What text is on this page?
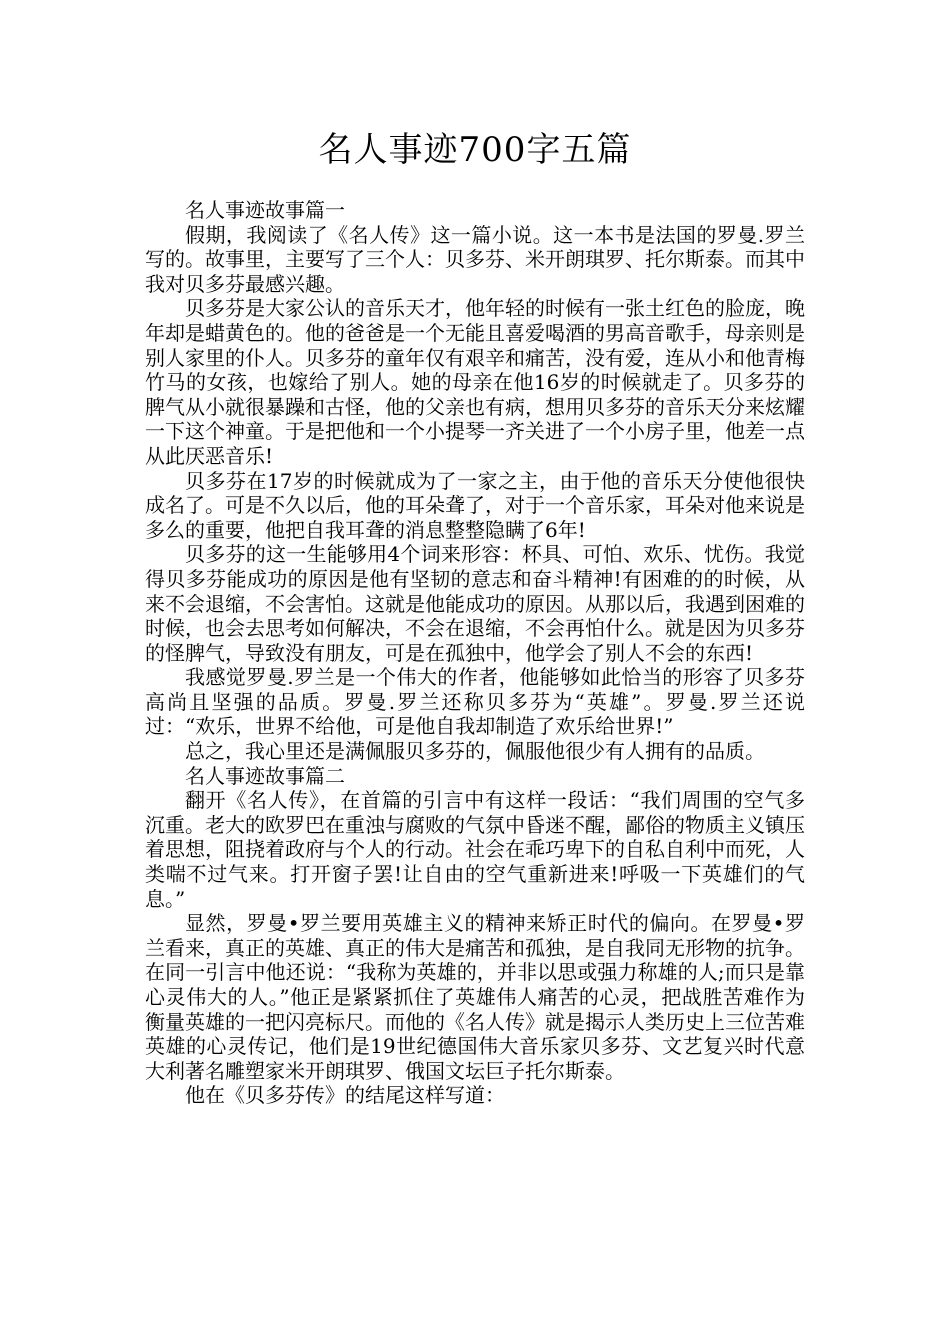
名人事迹700字五篇

名人事迹故事篇一

假期，我阅读了《名人传》这一篇小说。这一本书是法国的罗曼.罗兰写的。故事里，主要写了三个人：贝多芬、米开朗琪罗、托尔斯泰。而其中我对贝多芬最感兴趣。

贝多芬是大家公认的音乐天才，他年轻的时候有一张土红色的脸庞，晚年却是蜡黄色的。他的爸爸是一个无能且喜爱喝酒的男高音歌手，母亲则是别人家里的仆人。贝多芬的童年仅有艰辛和痛苦，没有爱，连从小和他青梅竹马的女孩，也嫁给了别人。她的母亲在他16岁的时候就走了。贝多芬的脾气从小就很暴躁和古怪，他的父亲也有病，想用贝多芬的音乐天分来炫耀一下这个神童。于是把他和一个小提琴一齐关进了一个小房子里，他差一点从此厌恶音乐!

贝多芬在17岁的时候就成为了一家之主，由于他的音乐天分使他很快成名了。可是不久以后，他的耳朵聋了，对于一个音乐家，耳朵对他来说是多么的重要，他把自我耳聋的消息整整隐瞒了6年!

贝多芬的这一生能够用4个词来形容：杯具、可怕、欢乐、忧伤。我觉得贝多芬能成功的原因是他有坚韧的意志和奋斗精神!有困难的的时候，从来不会退缩，不会害怕。这就是他能成功的原因。从那以后，我遇到困难的时候，也会去思考如何解决，不会在退缩，不会再怕什么。就是因为贝多芬的怪脾气，导致没有朋友，可是在孤独中，他学会了别人不会的东西!

我感觉罗曼.罗兰是一个伟大的作者，他能够如此恰当的形容了贝多芬高尚且坚强的品质。罗曼.罗兰还称贝多芬为“英雄”。罗曼.罗兰还说过：“欢乐，世界不给他，可是他自我却制造了欢乐给世界!”

总之，我心里还是满佩服贝多芬的，佩服他很少有人拥有的品质。

名人事迹故事篇二

翻开《名人传》，在首篇的引言中有这样一段话：“我们周围的空气多沉重。老大的欧罗巴在重浊与腐败的气氛中昏迷不醒，鄙俗的物质主义镇压着思想，阻挠着政府与个人的行动。社会在乖巧卑下的自私自利中而死，人类喘不过气来。打开窗子罢!让自由的空气重新进来!呼吸一下英雄们的气息。”

显然，罗曼•罗兰要用英雄主义的精神来矫正时代的偏向。在罗曼•罗兰看来，真正的英雄、真正的伟大是痛苦和孤独，是自我同无形物的抗争。在同一引言中他还说：“我称为英雄的，并非以思或强力称雄的人;而只是靠心灵伟大的人。”他正是紧紧抓住了英雄伟人痛苦的心灵，把战胜苦难作为衡量英雄的一把闪亮标尺。而他的《名人传》就是揭示人类历史上三位苦难英雄的心灵传记，他们是19世纪德国伟大音乐家贝多芬、文艺复兴时代意大利著名雕塑家米开朗琪罗、俄国文坛巨子托尔斯泰。

他在《贝多芬传》的结尾这样写道：
